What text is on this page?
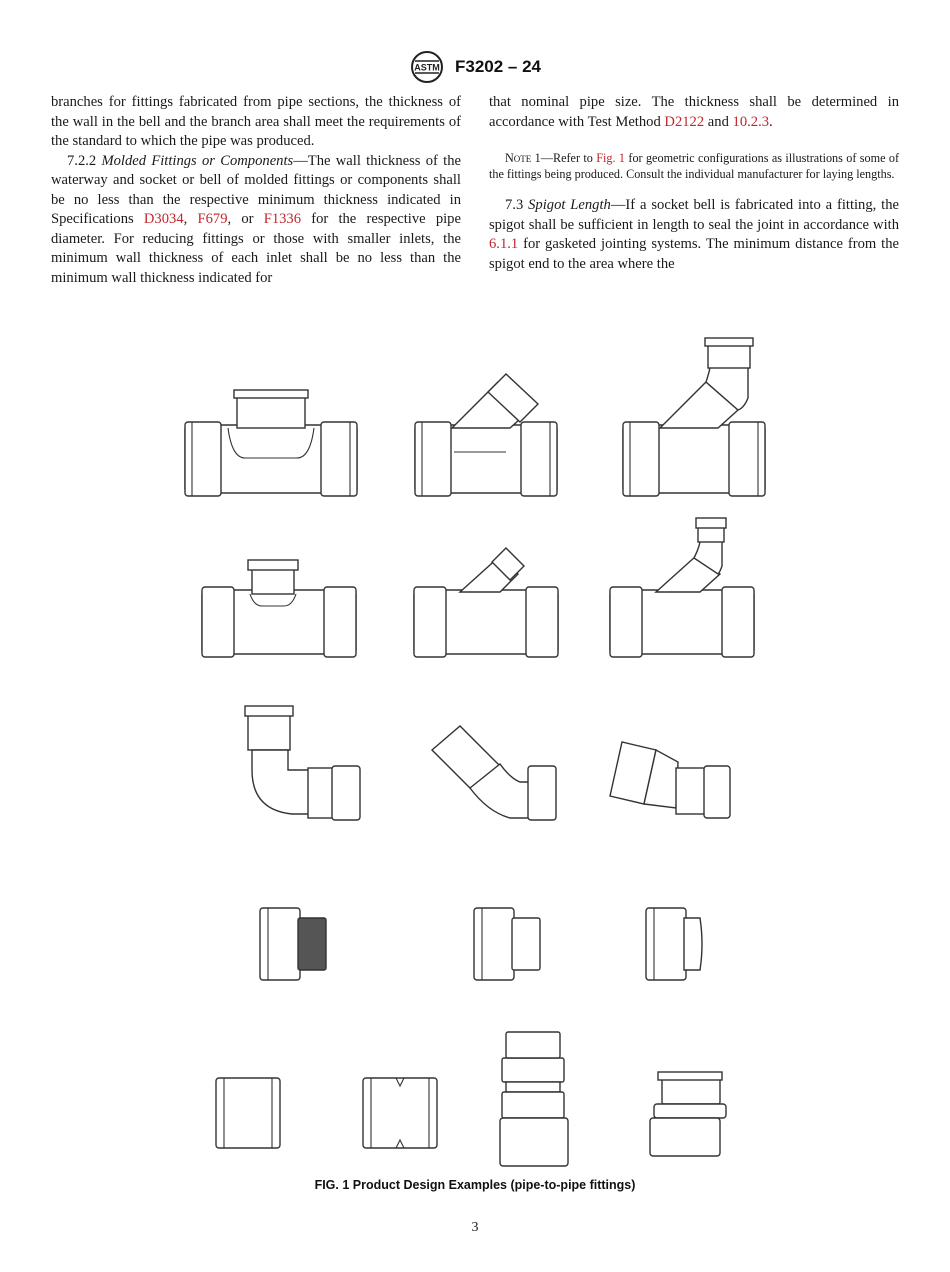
ASTM F3202 – 24

branches for fittings fabricated from pipe sections, the thickness of the wall in the bell and the branch area shall meet the requirements of the standard to which the pipe was produced.

7.2.2 Molded Fittings or Components—The wall thickness of the waterway and socket or bell of molded fittings or components shall be no less than the respective minimum thickness indicated in Specifications D3034, F679, or F1336 for the respective pipe diameter. For reducing fittings or those with smaller inlets, the minimum wall thickness of each inlet shall be no less than the minimum wall thickness indicated for

that nominal pipe size. The thickness shall be determined in accordance with Test Method D2122 and 10.2.3.

Note 1—Refer to Fig. 1 for geometric configurations as illustrations of some of the fittings being produced. Consult the individual manufacturer for laying lengths.

7.3 Spigot Length—If a socket bell is fabricated into a fitting, the spigot shall be sufficient in length to seal the joint in accordance with 6.1.1 for gasketed jointing systems. The minimum distance from the spigot end to the area where the

FIG. 1 Product Design Examples (pipe-to-pipe fittings)
3
